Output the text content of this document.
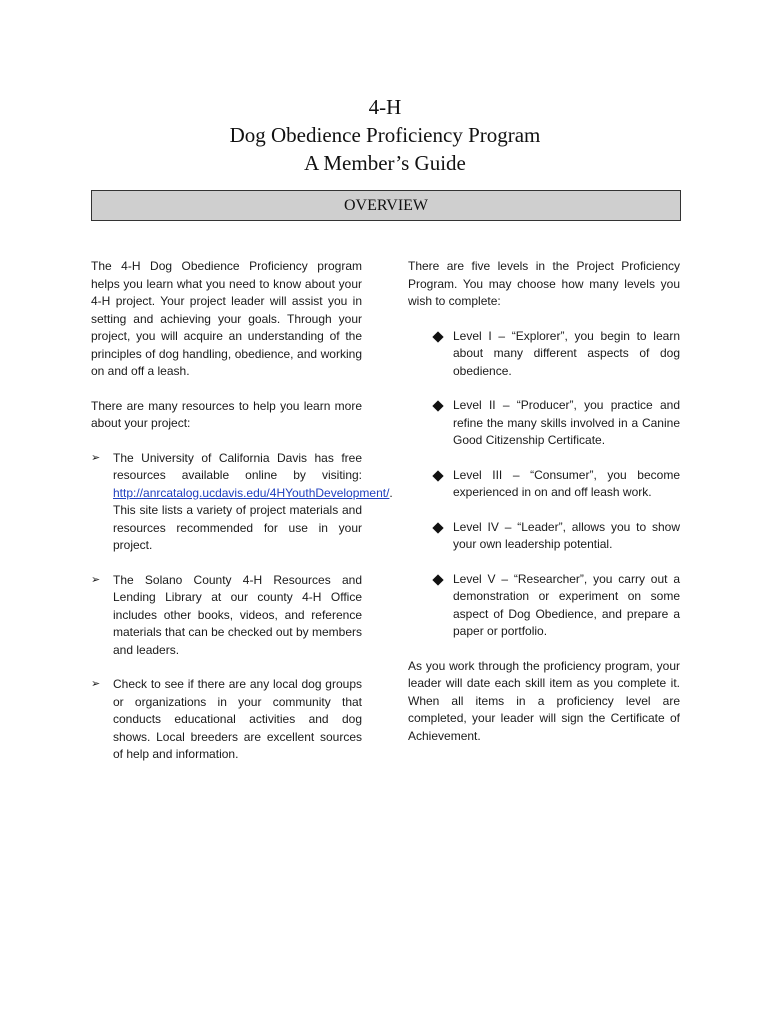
4-H
Dog Obedience Proficiency Program
A Member’s Guide
OVERVIEW

The 4-H Dog Obedience Proficiency program helps you learn what you need to know about your 4-H project. Your project leader will assist you in setting and achieving your goals. Through your project, you will acquire an understanding of the principles of dog handling, obedience, and working on and off a leash.

There are many resources to help you learn more about your project:

➢ The University of California Davis has free resources available online by visiting: http://anrcatalog.ucdavis.edu/4HYouthDevelopment/. This site lists a variety of project materials and resources recommended for use in your project.
➢ The Solano County 4-H Resources and Lending Library at our county 4-H Office includes other books, videos, and reference materials that can be checked out by members and leaders.
➢ Check to see if there are any local dog groups or organizations in your community that conducts educational activities and dog shows. Local breeders are excellent sources of help and information.

There are five levels in the Project Proficiency Program. You may choose how many levels you wish to complete:

Level I – “Explorer”, you begin to learn about many different aspects of dog obedience.
Level II – “Producer”, you practice and refine the many skills involved in a Canine Good Citizenship Certificate.
Level III – “Consumer”, you become experienced in on and off leash work.
Level IV – “Leader”, allows you to show your own leadership potential.
Level V – “Researcher”, you carry out a demonstration or experiment on some aspect of Dog Obedience, and prepare a paper or portfolio.

As you work through the proficiency program, your leader will date each skill item as you complete it. When all items in a proficiency level are completed, your leader will sign the Certificate of Achievement.
